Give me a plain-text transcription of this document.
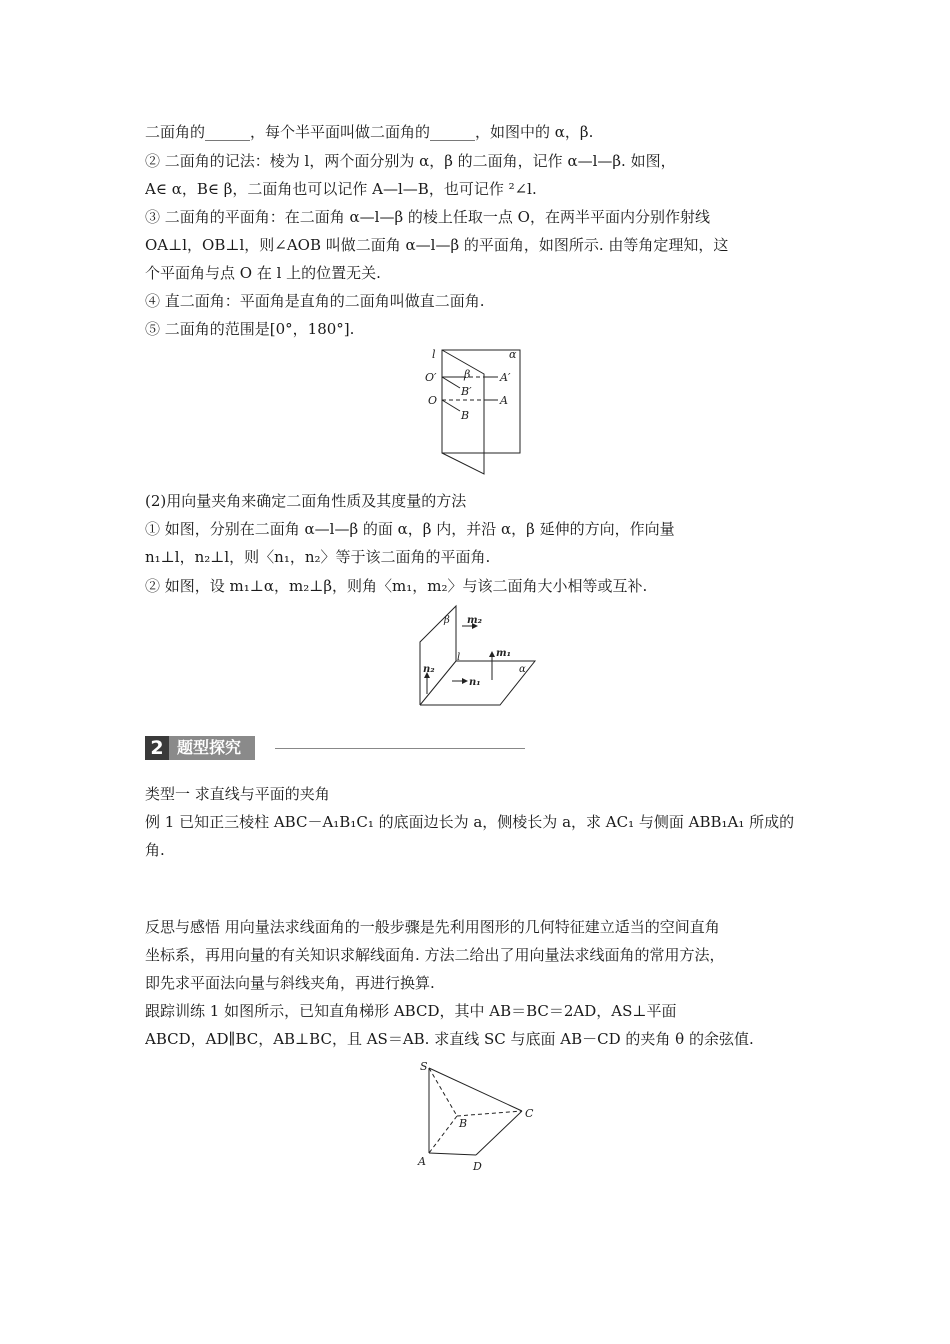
二面角的______，每个半平面叫做二面角的______，如图中的 α，β.
② 二面角的记法：棱为 l，两个面分别为 α，β 的二面角，记作 α—l—β. 如图，
A∈ α，B∈ β，二面角也可以记作 A—l—B，也可记作 ²∠l.
③ 二面角的平面角：在二面角 α—l—β 的棱上任取一点 O，在两半平面内分别作射线
OA⊥l，OB⊥l，则∠AOB 叫做二面角 α—l—β 的平面角，如图所示. 由等角定理知，这
个平面角与点 O 在 l 上的位置无关.
④ 直二面角：平面角是直角的二面角叫做直二面角.
⑤ 二面角的范围是[0°，180°].
l	α
O′ β	A′
B′
O	A
B
(2)用向量夹角来确定二面角性质及其度量的方法
① 如图，分别在二面角 α—l—β 的面 α，β 内，并沿 α，β 延伸的方向，作向量
n₁⊥l，n₂⊥l，则〈n₁，n₂〉等于该二面角的平面角.
② 如图，设 m₁⊥α，m₂⊥β，则角〈m₁，m₂〉与该二面角大小相等或互补.
β m₂
m₁
l
α
n₂
n₁
2 题型探究
类型一 求直线与平面的夹角
例 1 已知正三棱柱 ABC－A₁B₁C₁ 的底面边长为 a，侧棱长为 a，求 AC₁ 与侧面 ABB₁A₁ 所成的
角.
反思与感悟 用向量法求线面角的一般步骤是先利用图形的几何特征建立适当的空间直角
坐标系，再用向量的有关知识求解线面角. 方法二给出了用向量法求线面角的常用方法，
即先求平面法向量与斜线夹角，再进行换算.
跟踪训练 1 如图所示，已知直角梯形 ABCD，其中 AB＝BC＝2AD，AS⊥平面
ABCD，AD∥BC，AB⊥BC，且 AS＝AB. 求直线 SC 与底面 AB－CD 的夹角 θ 的余弦值.
S
B
C
A	D
